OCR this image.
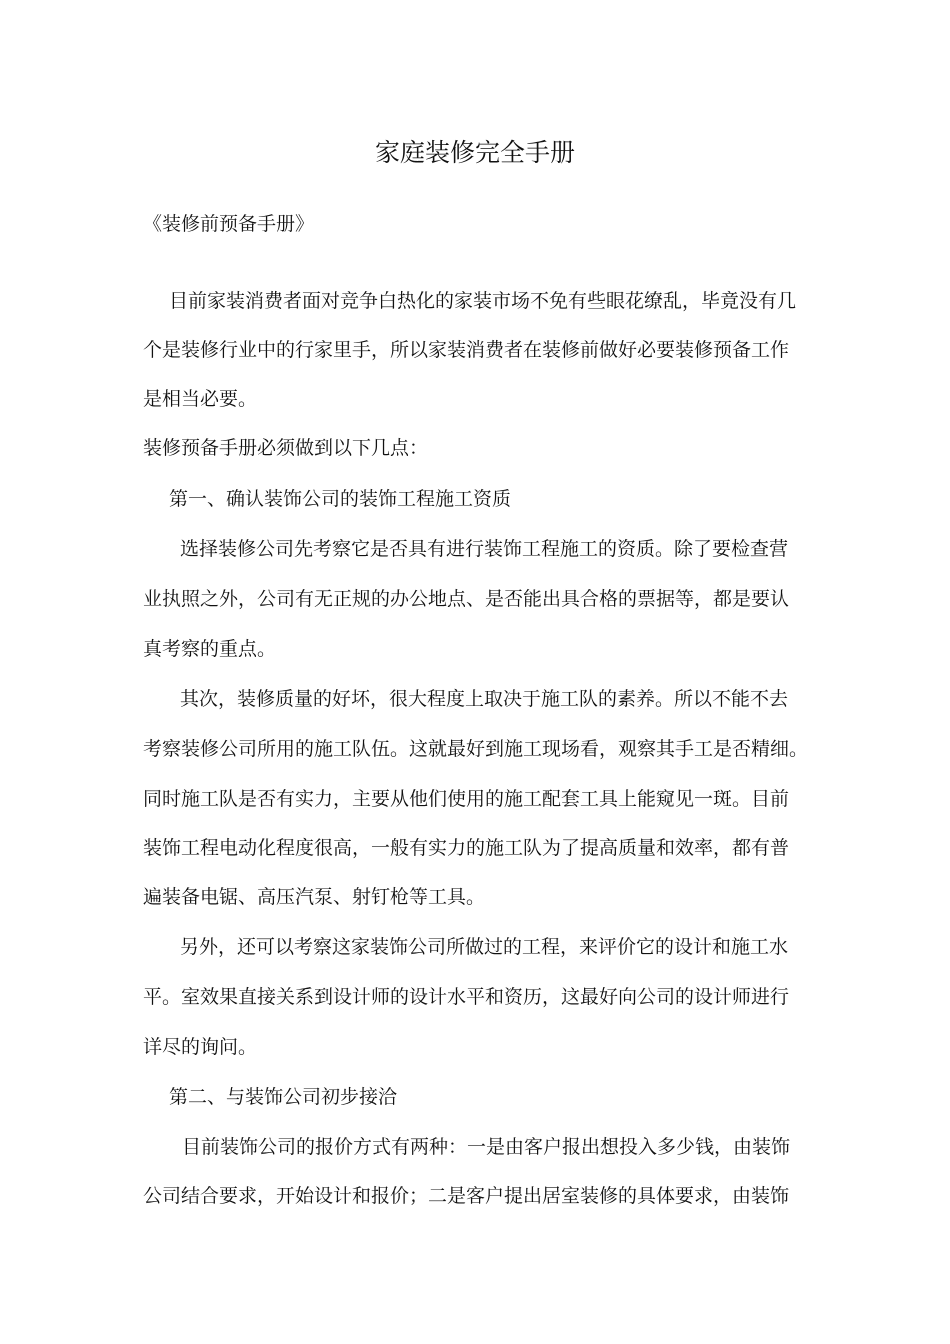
家庭装修完全手册
《装修前预备手册》
目前家装消费者面对竞争白热化的家装市场不免有些眼花缭乱，毕竟没有几
个是装修行业中的行家里手，所以家装消费者在装修前做好必要装修预备工作
是相当必要。
装修预备手册必须做到以下几点：
第一、确认装饰公司的装饰工程施工资质
选择装修公司先考察它是否具有进行装饰工程施工的资质。除了要检查营
业执照之外，公司有无正规的办公地点、是否能出具合格的票据等，都是要认
真考察的重点。
其次，装修质量的好坏，很大程度上取决于施工队的素养。所以不能不去
考察装修公司所用的施工队伍。这就最好到施工现场看，观察其手工是否精细。
同时施工队是否有实力，主要从他们使用的施工配套工具上能窥见一斑。目前
装饰工程电动化程度很高，一般有实力的施工队为了提高质量和效率，都有普
遍装备电锯、高压汽泵、射钉枪等工具。
另外，还可以考察这家装饰公司所做过的工程，来评价它的设计和施工水
平。室效果直接关系到设计师的设计水平和资历，这最好向公司的设计师进行
详尽的询问。
第二、与装饰公司初步接洽
目前装饰公司的报价方式有两种：一是由客户报出想投入多少钱，由装饰
公司结合要求，开始设计和报价；二是客户提出居室装修的具体要求，由装饰
